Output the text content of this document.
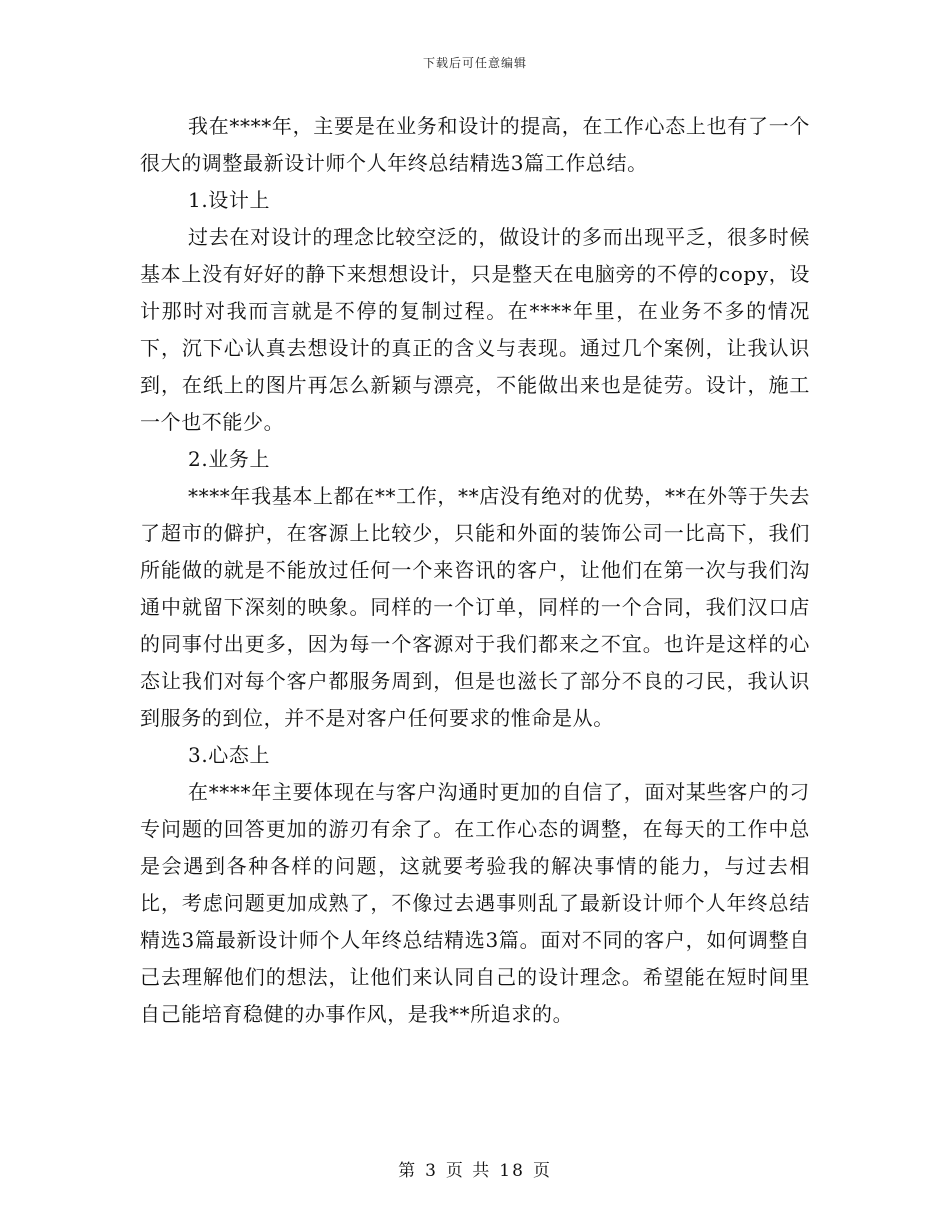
下载后可任意编辑

我在****年，主要是在业务和设计的提高，在工作心态上也有了一个很大的调整最新设计师个人年终总结精选3篇工作总结。

1.设计上

过去在对设计的理念比较空泛的，做设计的多而出现平乏，很多时候基本上没有好好的静下来想想设计，只是整天在电脑旁的不停的copy，设计那时对我而言就是不停的复制过程。在****年里，在业务不多的情况下，沉下心认真去想设计的真正的含义与表现。通过几个案例，让我认识到，在纸上的图片再怎么新颖与漂亮，不能做出来也是徒劳。设计，施工一个也不能少。

2.业务上

****年我基本上都在**工作，**店没有绝对的优势，**在外等于失去了超市的僻护，在客源上比较少，只能和外面的装饰公司一比高下，我们所能做的就是不能放过任何一个来咨讯的客户，让他们在第一次与我们沟通中就留下深刻的映象。同样的一个订单，同样的一个合同，我们汉口店的同事付出更多，因为每一个客源对于我们都来之不宜。也许是这样的心态让我们对每个客户都服务周到，但是也滋长了部分不良的刁民，我认识到服务的到位，并不是对客户任何要求的惟命是从。

3.心态上

在****年主要体现在与客户沟通时更加的自信了，面对某些客户的刁专问题的回答更加的游刃有余了。在工作心态的调整，在每天的工作中总是会遇到各种各样的问题，这就要考验我的解决事情的能力，与过去相比，考虑问题更加成熟了，不像过去遇事则乱了最新设计师个人年终总结精选3篇最新设计师个人年终总结精选3篇。面对不同的客户，如何调整自己去理解他们的想法，让他们来认同自己的设计理念。希望能在短时间里自己能培育稳健的办事作风，是我**所追求的。

第 3 页 共 18 页
